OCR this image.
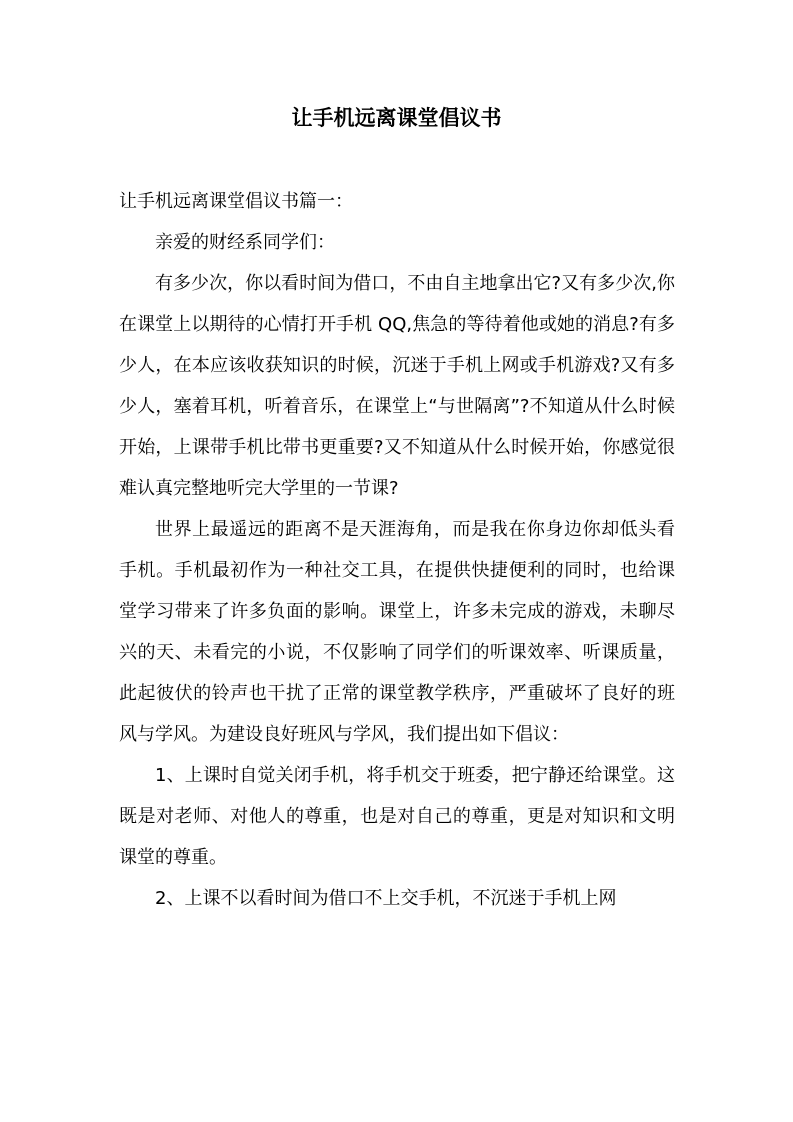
让手机远离课堂倡议书

让手机远离课堂倡议书篇一：

亲爱的财经系同学们：

有多少次，你以看时间为借口，不由自主地拿出它?又有多少次,你在课堂上以期待的心情打开手机 QQ,焦急的等待着他或她的消息?有多少人，在本应该收获知识的时候，沉迷于手机上网或手机游戏?又有多少人，塞着耳机，听着音乐，在课堂上“与世隔离”?不知道从什么时候开始，上课带手机比带书更重要?又不知道从什么时候开始，你感觉很难认真完整地听完大学里的一节课?

世界上最遥远的距离不是天涯海角，而是我在你身边你却低头看手机。手机最初作为一种社交工具，在提供快捷便利的同时，也给课堂学习带来了许多负面的影响。课堂上，许多未完成的游戏，未聊尽兴的天、未看完的小说，不仅影响了同学们的听课效率、听课质量，此起彼伏的铃声也干扰了正常的课堂教学秩序，严重破坏了良好的班风与学风。为建设良好班风与学风，我们提出如下倡议：

1、上课时自觉关闭手机，将手机交于班委，把宁静还给课堂。这既是对老师、对他人的尊重，也是对自己的尊重，更是对知识和文明课堂的尊重。

2、上课不以看时间为借口不上交手机，不沉迷于手机上网
